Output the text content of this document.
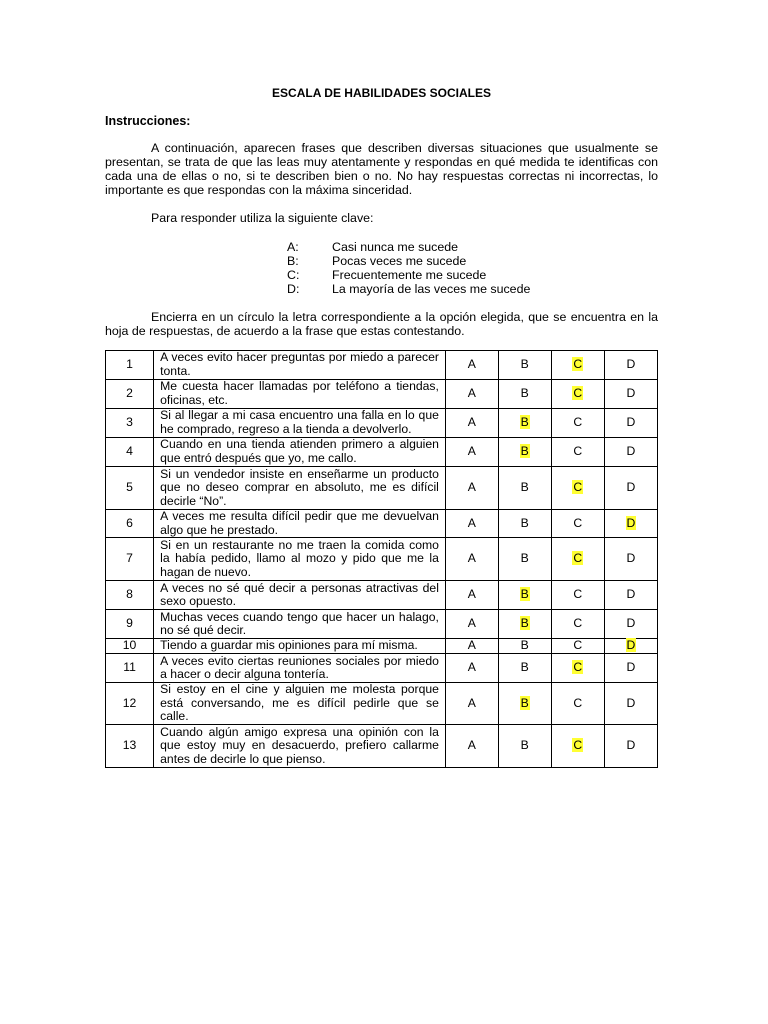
ESCALA DE HABILIDADES SOCIALES
Instrucciones:
A continuación, aparecen frases que describen diversas situaciones que usualmente se presentan, se trata de que las leas muy atentamente y respondas en qué medida te identificas con cada una de ellas o no, si te describen bien o no. No hay respuestas correctas ni incorrectas, lo importante es que respondas con la máxima sinceridad.
Para responder utiliza la siguiente clave:
A:	Casi nunca me sucede
B:	Pocas veces me sucede
C:	Frecuentemente me sucede
D:	La mayoría de las veces me sucede
Encierra en un círculo la letra correspondiente a la opción elegida, que se encuentra en la hoja de respuestas, de acuerdo a la frase que estas contestando.
1	A veces evito hacer preguntas por miedo a parecer tonta.	A	B	C	D
2	Me cuesta hacer llamadas por teléfono a tiendas, oficinas, etc.	A	B	C	D
3	Si al llegar a mi casa encuentro una falla en lo que he comprado, regreso a la tienda a devolverlo.	A	B	C	D
4	Cuando en una tienda atienden primero a alguien que entró después que yo, me callo.	A	B	C	D
5	Si un vendedor insiste en enseñarme un producto que no deseo comprar en absoluto, me es difícil decirle “No”.	A	B	C	D
6	A veces me resulta difícil pedir que me devuelvan algo que he prestado.	A	B	C	D
7	Si en un restaurante no me traen la comida como la había pedido, llamo al mozo y pido que me la hagan de nuevo.	A	B	C	D
8	A veces no sé qué decir a personas atractivas del sexo opuesto.	A	B	C	D
9	Muchas veces cuando tengo que hacer un halago, no sé qué decir.	A	B	C	D
10	Tiendo a guardar mis opiniones para mí misma.	A	B	C	D
11	A veces evito ciertas reuniones sociales por miedo a hacer o decir alguna tontería.	A	B	C	D
12	Si estoy en el cine y alguien me molesta porque está conversando, me es difícil pedirle que se calle.	A	B	C	D
13	Cuando algún amigo expresa una opinión con la que estoy muy en desacuerdo, prefiero callarme antes de decirle lo que pienso.	A	B	C	D
